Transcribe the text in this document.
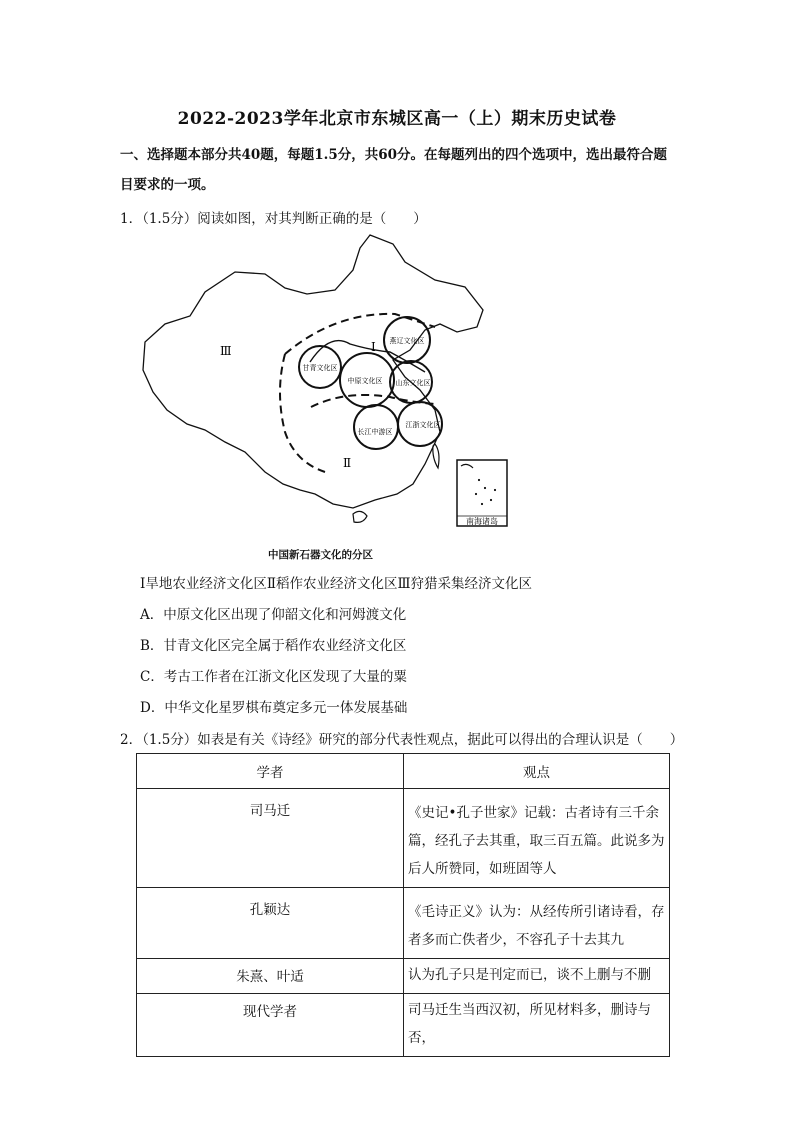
2022-2023学年北京市东城区高一（上）期末历史试卷
一、选择题本部分共40题，每题1.5分，共60分。在每题列出的四个选项中，选出最符合题目要求的一项。
1．（1.5分）阅读如图，对其判断正确的是（　　）
燕辽文化区
甘青文化区
中原文化区 山东文化区
长江中游区
江浙文化区
Ⅰ
Ⅱ
Ⅲ
南海诸岛
中国新石器文化的分区
Ⅰ旱地农业经济文化区Ⅱ稻作农业经济文化区Ⅲ狩猎采集经济文化区
A．中原文化区出现了仰韶文化和河姆渡文化
B．甘青文化区完全属于稻作农业经济文化区
C．考古工作者在江浙文化区发现了大量的粟
D．中华文化星罗棋布奠定多元一体发展基础
2．（1.5分）如表是有关《诗经》研究的部分代表性观点，据此可以得出的合理认识是（　　）
学者	观点
司马迁	《史记•孔子世家》记载：古者诗有三千余
篇，经孔子去其重，取三百五篇。此说多为
后人所赞同，如班固等人

孔颖达	《毛诗正义》认为：从经传所引诸诗看，存
者多而亡佚者少，不容孔子十去其九

朱熹、叶适	认为孔子只是刊定而已，谈不上删与不删

现代学者	司马迁生当西汉初，所见材料多，删诗与否，
